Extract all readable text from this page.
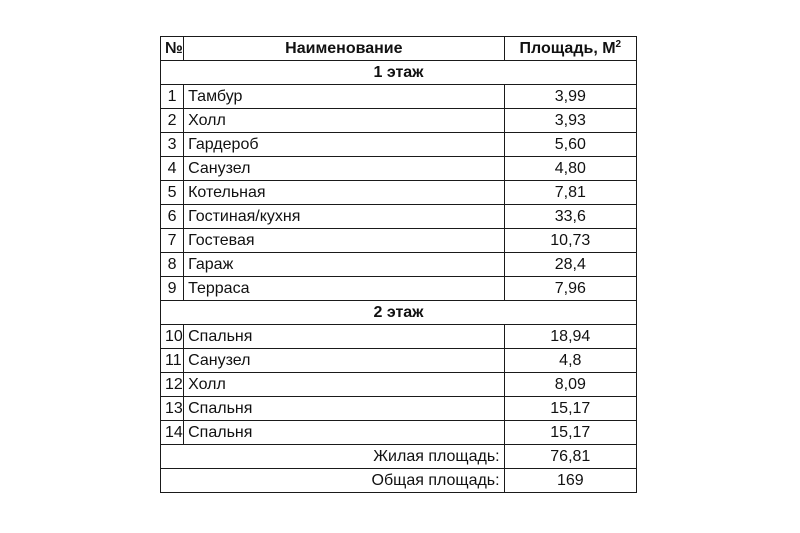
№	Наименование	Площадь, $М^2$
1 этаж		
1	Тамбур	3,99
2	Холл	3,93
3	Гардероб	5,60
4	Санузел	4,80
5	Котельная	7,81
6	Гостиная/кухня	33,6
7	Гостевая	10,73
8	Гараж	28,4
9	Терраса	7,96
2 этаж		
10	Спальня	18,94
11	Санузел	4,8
12	Холл	8,09
13	Спальня	15,17
14	Спальня	15,17
Жилая площадь:		76,81
Общая площадь:		169
